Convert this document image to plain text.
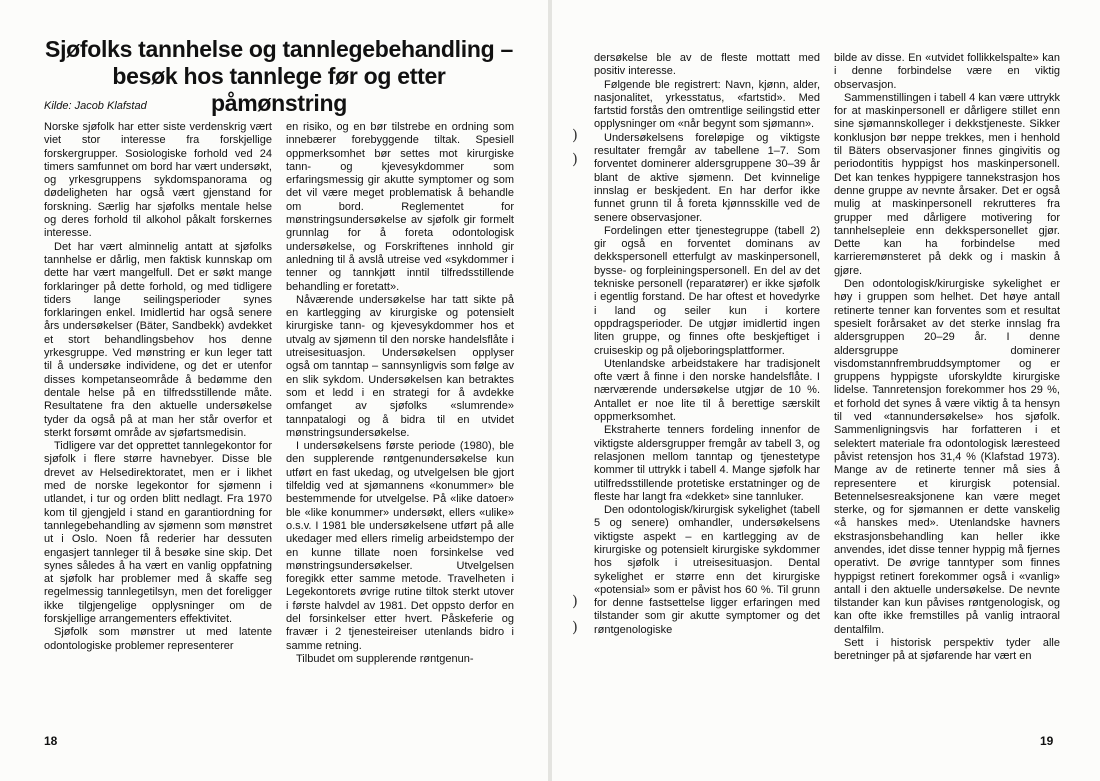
Sjøfolks tannhelse og tannlegebehandling –
besøk hos tannlege før og etter påmønstring
Kilde: Jacob Klafstad

Norske sjøfolk har etter siste verdenskrig vært viet stor interesse fra forskjellige forskergrupper. Sosiologiske forhold ved 24 timers samfunnet om bord har vært undersøkt, og yrkesgruppens sykdomspanorama og dødeligheten har også vært gjenstand for forskning. Særlig har sjøfolks mentale helse og deres forhold til alkohol påkalt forskernes interesse.

Det har vært alminnelig antatt at sjøfolks tannhelse er dårlig, men faktisk kunnskap om dette har vært mangelfull. Det er søkt mange forklaringer på dette forhold, og med tidligere tiders lange seilingsperioder synes forklaringen enkel. Imidlertid har også senere års undersøkelser (Bäter, Sandbekk) avdekket et stort behandlingsbehov hos denne yrkesgruppe. Ved mønstring er kun leger tatt til å undersøke individene, og det er utenfor disses kompetanseområde å bedømme den dentale helse på en tilfredsstillende måte. Resultatene fra den aktuelle undersøkelse tyder da også på at man her står overfor et sterkt forsømt område av sjøfartsmedisin.

Tidligere var det opprettet tannlegekontor for sjøfolk i flere større havnebyer. Disse ble drevet av Helsedirektoratet, men er i likhet med de norske legekontor for sjømenn i utlandet, i tur og orden blitt nedlagt. Fra 1970 kom til gjengjeld i stand en garantiordning for tannlegebehandling av sjømenn som mønstret ut i Oslo. Noen få rederier har dessuten engasjert tannleger til å besøke sine skip. Det synes således å ha vært en vanlig oppfatning at sjøfolk har problemer med å skaffe seg regelmessig tannlegetilsyn, men det foreligger ikke tilgjengelige opplysninger om de forskjellige arrangementers effektivitet.

Sjøfolk som mønstrer ut med latente odontologiske problemer representerer

en risiko, og en bør tilstrebe en ordning som innebærer forebyggende tiltak. Spesiell oppmerksomhet bør settes mot kirurgiske tann- og kjevesykdommer som erfaringsmessig gir akutte symptomer og som det vil være meget problematisk å behandle om bord. Reglementet for mønstringsundersøkelse av sjøfolk gir formelt grunnlag for å foreta odontologisk undersøkelse, og Forskriftenes innhold gir anledning til å avslå utreise ved «sykdommer i tenner og tannkjøtt inntil tilfredsstillende behandling er foretatt».

Nåværende undersøkelse har tatt sikte på en kartlegging av kirurgiske og potensielt kirurgiske tann- og kjevesykdommer hos et utvalg av sjømenn til den norske handelsflåte i utreisesituasjon. Undersøkelsen opplyser også om tanntap – sannsynligvis som følge av en slik sykdom. Undersøkelsen kan betraktes som et ledd i en strategi for å avdekke omfanget av sjøfolks «slumrende» tannpatalogi og å bidra til en utvidet mønstringsundersøkelse.

I undersøkelsens første periode (1980), ble den supplerende røntgenundersøkelse kun utført en fast ukedag, og utvelgelsen ble gjort tilfeldig ved at sjømannens «konummer» ble bestemmende for utvelgelse. På «like datoer» ble «like konummer» undersøkt, ellers «ulike» o.s.v. I 1981 ble undersøkelsene utført på alle ukedager med ellers rimelig arbeidstempo der en kunne tillate noen forsinkelse ved mønstringsundersøkelser. Utvelgelsen foregikk etter samme metode. Travelheten i Legekontorets øvrige rutine tiltok sterkt utover i første halvdel av 1981. Det oppsto derfor en del forsinkelser etter hvert. Påskeferie og fravær i 2 tjenesteireiser utenlands bidro i samme retning.

Tilbudet om supplerende røntgenun-

dersøkelse ble av de fleste mottatt med positiv interesse.

Følgende ble registrert: Navn, kjønn, alder, nasjonalitet, yrkesstatus, «fartstid». Med fartstid forstås den omtrentlige seilingstid etter opplysninger om «når begynt som sjømann».

Undersøkelsens foreløpige og viktigste resultater fremgår av tabellene 1–7. Som forventet dominerer aldersgruppene 30–39 år blant de aktive sjømenn. Det kvinnelige innslag er beskjedent. En har derfor ikke funnet grunn til å foreta kjønnsskille ved de senere observasjoner.

Fordelingen etter tjenestegruppe (tabell 2) gir også en forventet dominans av dekkspersonell etterfulgt av maskinpersonell, bysse- og forpleiningspersonell. En del av det tekniske personell (reparatører) er ikke sjøfolk i egentlig forstand. De har oftest et hovedyrke i land og seiler kun i kortere oppdragsperioder. De utgjør imidlertid ingen liten gruppe, og finnes ofte beskjeftiget i cruiseskip og på oljeboringsplattformer.

Utenlandske arbeidstakere har tradisjonelt ofte vært å finne i den norske handelsflåte. I nærværende undersøkelse utgjør de 10 %. Antallet er noe lite til å berettige særskilt oppmerksomhet.

Ekstraherte tenners fordeling innenfor de viktigste aldersgrupper fremgår av tabell 3, og relasjonen mellom tanntap og tjenestetype kommer til uttrykk i tabell 4. Mange sjøfolk har utilfredsstillende protetiske erstatninger og de fleste har langt fra «dekket» sine tannluker.

Den odontologisk/kirurgisk sykelighet (tabell 5 og senere) omhandler, undersøkelsens viktigste aspekt – en kartlegging av de kirurgiske og potensielt kirurgiske sykdommer hos sjøfolk i utreisesituasjon. Dental sykelighet er større enn det kirurgiske «potensial» som er påvist hos 60 %. Til grunn for denne fastsettelse ligger erfaringen med tilstander som gir akutte symptomer og det røntgenologiske

bilde av disse. En «utvidet follikkelspalte» kan i denne forbindelse være en viktig observasjon.

Sammenstillingen i tabell 4 kan være uttrykk for at maskinpersonell er dårligere stillet enn sine sjømannskolleger i dekkstjeneste. Sikker konklusjon bør neppe trekkes, men i henhold til Bäters observasjoner finnes gingivitis og periodontitis hyppigst hos maskinpersonell. Det kan tenkes hyppigere tannekstrasjon hos denne gruppe av nevnte årsaker. Det er også mulig at maskinpersonell rekrutteres fra grupper med dårligere motivering for tannhelsepleie enn dekkspersonellet gjør. Dette kan ha forbindelse med karrieremønsteret på dekk og i maskin å gjøre.

Den odontologisk/kirurgiske sykelighet er høy i gruppen som helhet. Det høye antall retinerte tenner kan forventes som et resultat spesielt forårsaket av det sterke innslag fra aldersgruppen 20–29 år. I denne aldersgruppe dominerer visdomstannfrembruddsymptomer og er gruppens hyppigste uforskyldte kirurgiske lidelse. Tannretensjon forekommer hos 29 %, et forhold det synes å være viktig å ta hensyn til ved «tannundersøkelse» hos sjøfolk. Sammenligningsvis har forfatteren i et selektert materiale fra odontologisk læresteed påvist retensjon hos 31,4 % (Klafstad 1973). Mange av de retinerte tenner må sies å representere et kirurgisk potensial. Betennelsesreaksjonene kan være meget sterke, og for sjømannen er dette vanskelig «å hanskes med». Utenlandske havners ekstrasjonsbehandling kan heller ikke anvendes, idet disse tenner hyppig må fjernes operativt. De øvrige tanntyper som finnes hyppigst retinert forekommer også i «vanlig» antall i den aktuelle undersøkelse. De nevnte tilstander kan kun påvises røntgenologisk, og kan ofte ikke fremstilles på vanlig intraoral dentalfilm.

Sett i historisk perspektiv tyder alle beretninger på at sjøfarende har vært en

)
)
)
)
18	19
